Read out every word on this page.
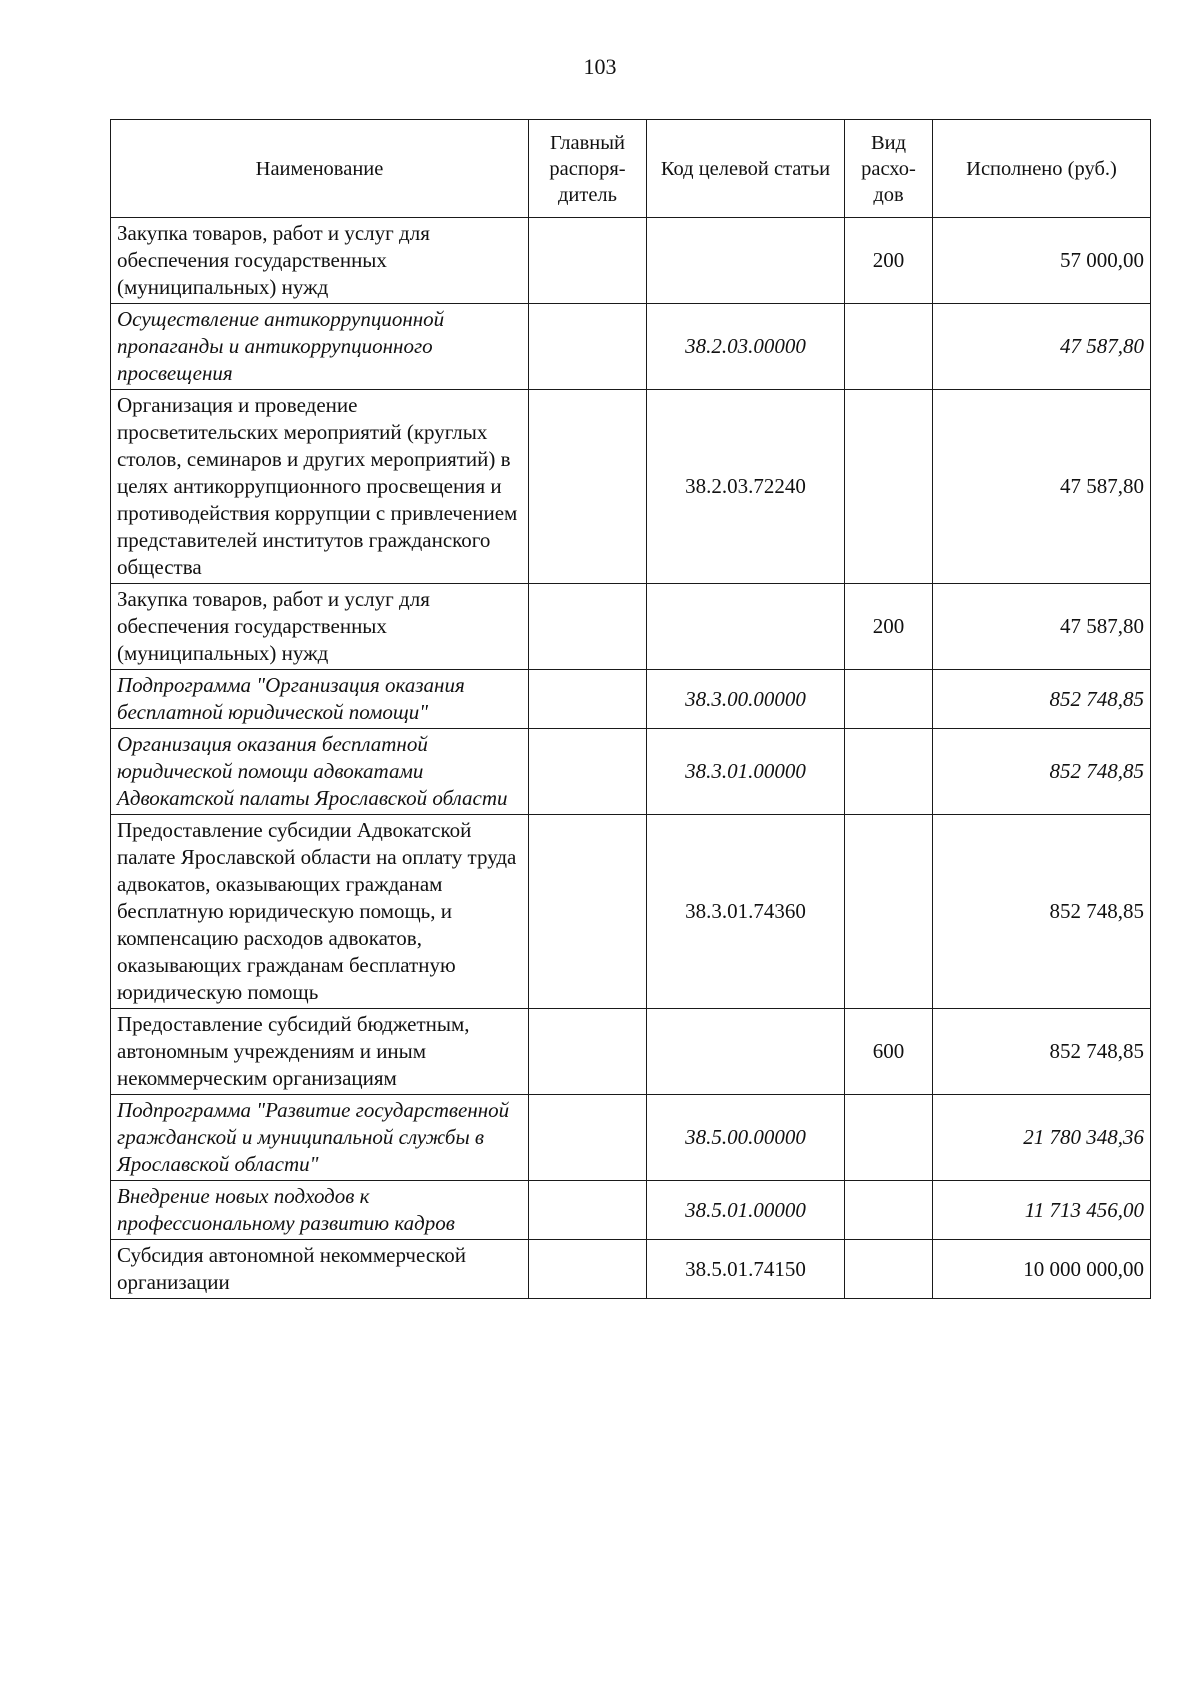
103
Наименование	Главный распоря-дитель	Код целевой статьи	Вид расхо-дов	Исполнено (руб.)
Закупка товаров, работ и услуг для обеспечения государственных (муниципальных) нужд			200	57 000,00
Осуществление антикоррупционной пропаганды и антикоррупционного просвещения		38.2.03.00000		47 587,80
Организация и проведение просветительских мероприятий (круглых столов, семинаров и других мероприятий) в целях антикоррупционного просвещения и противодействия коррупции с привлечением представителей институтов гражданского общества		38.2.03.72240		47 587,80
Закупка товаров, работ и услуг для обеспечения государственных (муниципальных) нужд			200	47 587,80
Подпрограмма "Организация оказания бесплатной юридической помощи"		38.3.00.00000		852 748,85
Организация оказания бесплатной юридической помощи адвокатами Адвокатской палаты Ярославской области		38.3.01.00000		852 748,85
Предоставление субсидии Адвокатской палате Ярославской области на оплату труда адвокатов, оказывающих гражданам бесплатную юридическую помощь, и компенсацию расходов адвокатов, оказывающих гражданам бесплатную юридическую помощь		38.3.01.74360		852 748,85
Предоставление субсидий бюджетным, автономным учреждениям и иным некоммерческим организациям			600	852 748,85
Подпрограмма "Развитие государственной гражданской и муниципальной службы в Ярославской области"		38.5.00.00000		21 780 348,36
Внедрение новых подходов к профессиональному развитию кадров		38.5.01.00000		11 713 456,00
Субсидия автономной некоммерческой организации		38.5.01.74150		10 000 000,00
